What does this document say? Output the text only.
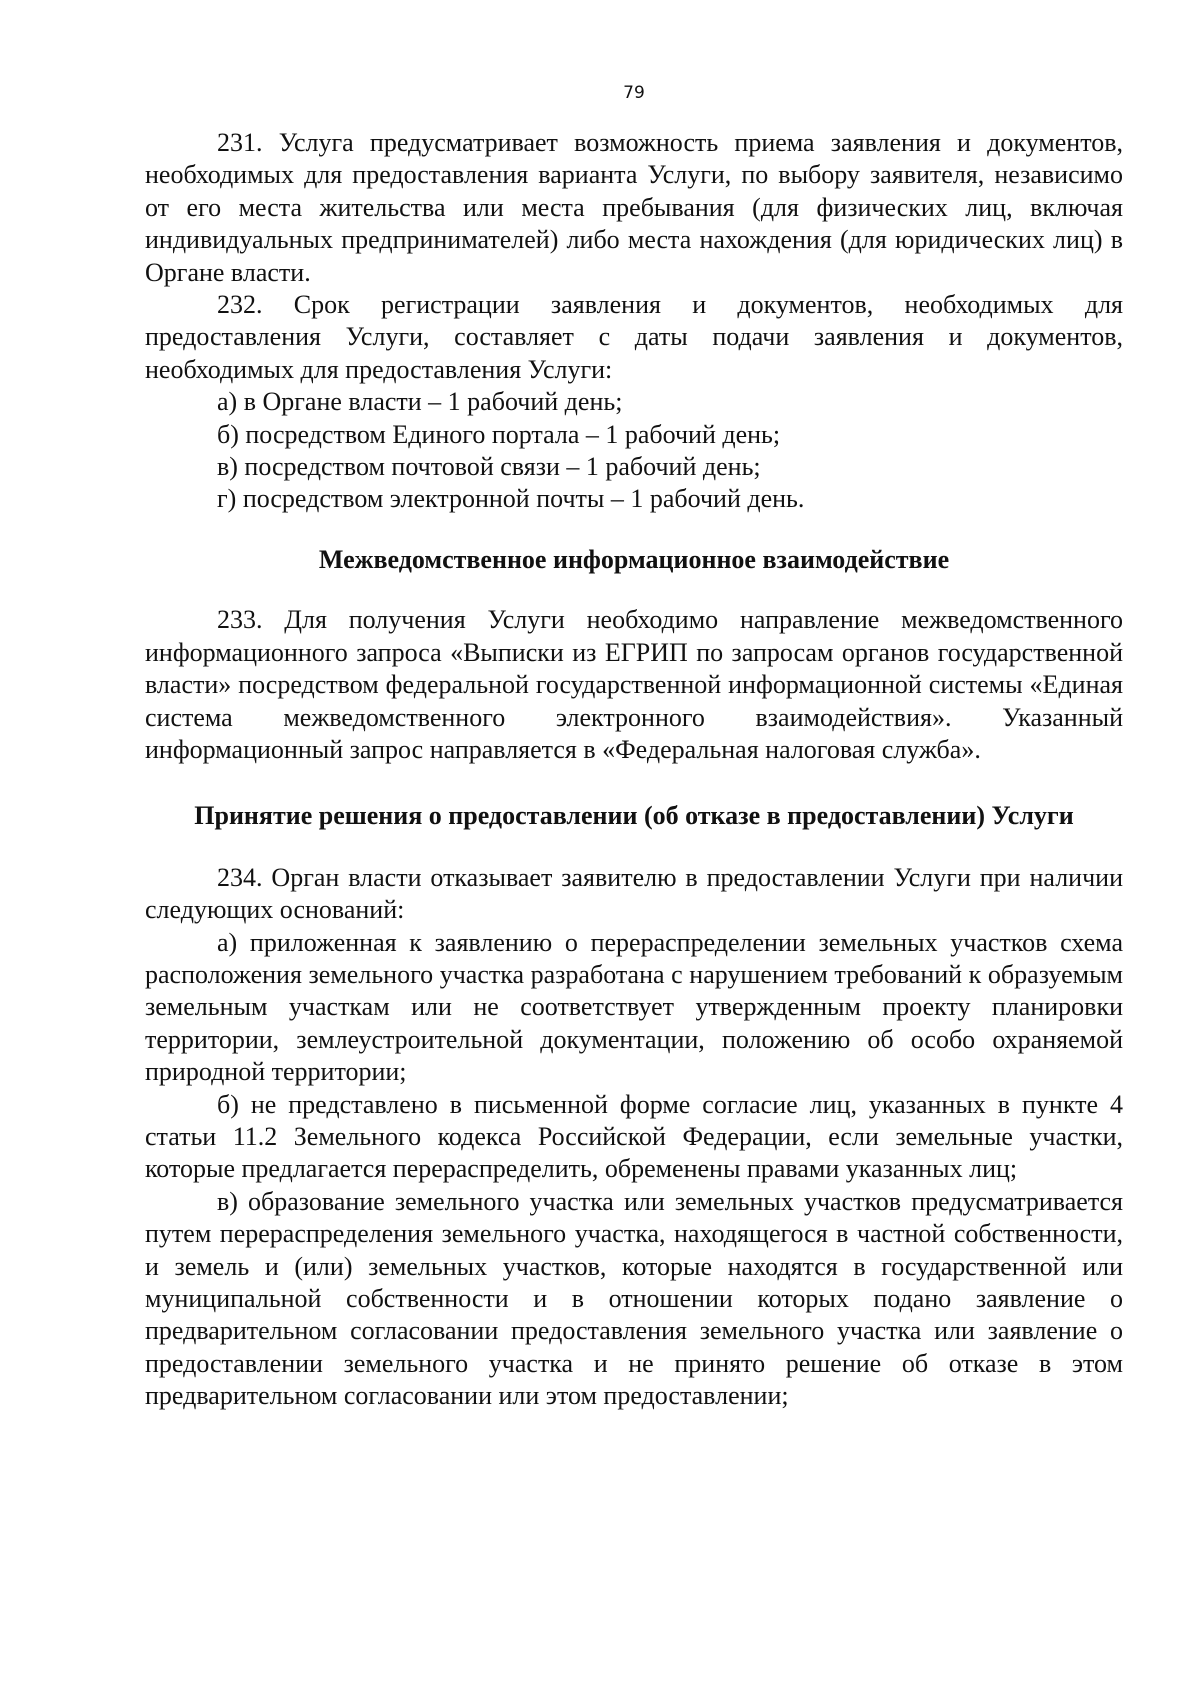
79

231. Услуга предусматривает возможность приема заявления и документов, необходимых для предоставления варианта Услуги, по выбору заявителя, независимо от его места жительства или места пребывания (для физических лиц, включая индивидуальных предпринимателей) либо места нахождения (для юридических лиц) в Органе власти.

232. Срок регистрации заявления и документов, необходимых для предоставления Услуги, составляет с даты подачи заявления и документов, необходимых для предоставления Услуги:

а) в Органе власти – 1 рабочий день;

б) посредством Единого портала – 1 рабочий день;

в) посредством почтовой связи – 1 рабочий день;

г) посредством электронной почты – 1 рабочий день.

Межведомственное информационное взаимодействие

233. Для получения Услуги необходимо направление межведомственного информационного запроса «Выписки из ЕГРИП по запросам органов государственной власти» посредством федеральной государственной информационной системы «Единая система межведомственного электронного взаимодействия». Указанный информационный запрос направляется в «Федеральная налоговая служба».

Принятие решения о предоставлении (об отказе в предоставлении) Услуги

234. Орган власти отказывает заявителю в предоставлении Услуги при наличии следующих оснований:

а) приложенная к заявлению о перераспределении земельных участков схема расположения земельного участка разработана с нарушением требований к образуемым земельным участкам или не соответствует утвержденным проекту планировки территории, землеустроительной документации, положению об особо охраняемой природной территории;

б) не представлено в письменной форме согласие лиц, указанных в пункте 4 статьи 11.2 Земельного кодекса Российской Федерации, если земельные участки, которые предлагается перераспределить, обременены правами указанных лиц;

в) образование земельного участка или земельных участков предусматривается путем перераспределения земельного участка, находящегося в частной собственности, и земель и (или) земельных участков, которые находятся в государственной или муниципальной собственности и в отношении которых подано заявление о предварительном согласовании предоставления земельного участка или заявление о предоставлении земельного участка и не принято решение об отказе в этом предварительном согласовании или этом предоставлении;
